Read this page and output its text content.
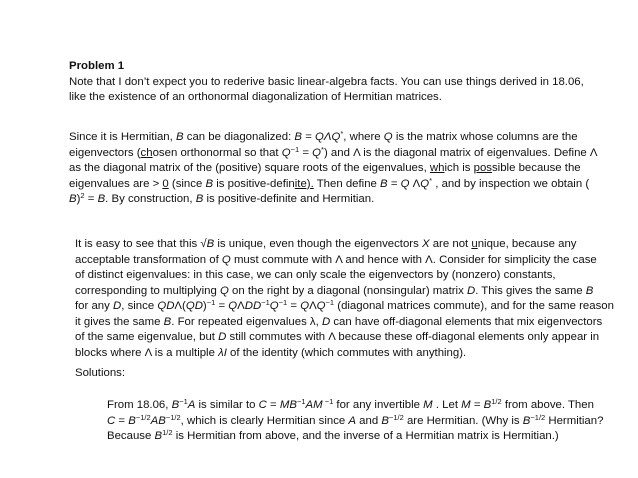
Problem 1
Note that I don’t expect you to rederive basic linear-algebra facts. You can use things derived in 18.06,
like the existence of an orthonormal diagonalization of Hermitian matrices.
Since it is Hermitian, B can be diagonalized: B = QΛQ*, where Q is the matrix whose columns are the
eigenvectors (chosen orthonormal so that $Q^{-1} = Q^*$) and Λ is the diagonal matrix of eigenvalues. Define Λ
as the diagonal matrix of the (positive) square roots of the eigenvalues, which is possible because the
eigenvalues are > 0 (since B is positive-definite). Then define B = Q ΛQ* , and by inspection we obtain (
B)$^2$ = B. By construction, B is positive-definite and Hermitian.
It is easy to see that this √B is unique, even though the eigenvectors X are not unique, because any
acceptable transformation of Q must commute with Λ and hence with Λ. Consider for simplicity the case
of distinct eigenvalues: in this case, we can only scale the eigenvectors by (nonzero) constants,
corresponding to multiplying Q on the right by a diagonal (nonsingular) matrix D. This gives the same B
for any D, since $QD\Lambda(QD)^{-1} = Q\Lambda DD^{-1}Q^{-1} = Q\Lambda Q^{-1}$ (diagonal matrices commute), and for the same reason
it gives the same B. For repeated eigenvalues λ, D can have off-diagonal elements that mix eigenvectors
of the same eigenvalue, but D still commutes with Λ because these off-diagonal elements only appear in
blocks where Λ is a multiple λI of the identity (which commutes with anything).
Solutions:
From 18.06, $B^{-1}A$ is similar to $C = MB^{-1}AM$ $^{-1}$ for any invertible M . Let $M = B^{1/2}$ from above. Then
$C = B^{-1/2}AB^{-1/2}$, which is clearly Hermitian since A and $B^{-1/2}$ are Hermitian. (Why is $B^{-1/2}$ Hermitian?
Because $B^{1/2}$ is Hermitian from above, and the inverse of a Hermitian matrix is Hermitian.)
